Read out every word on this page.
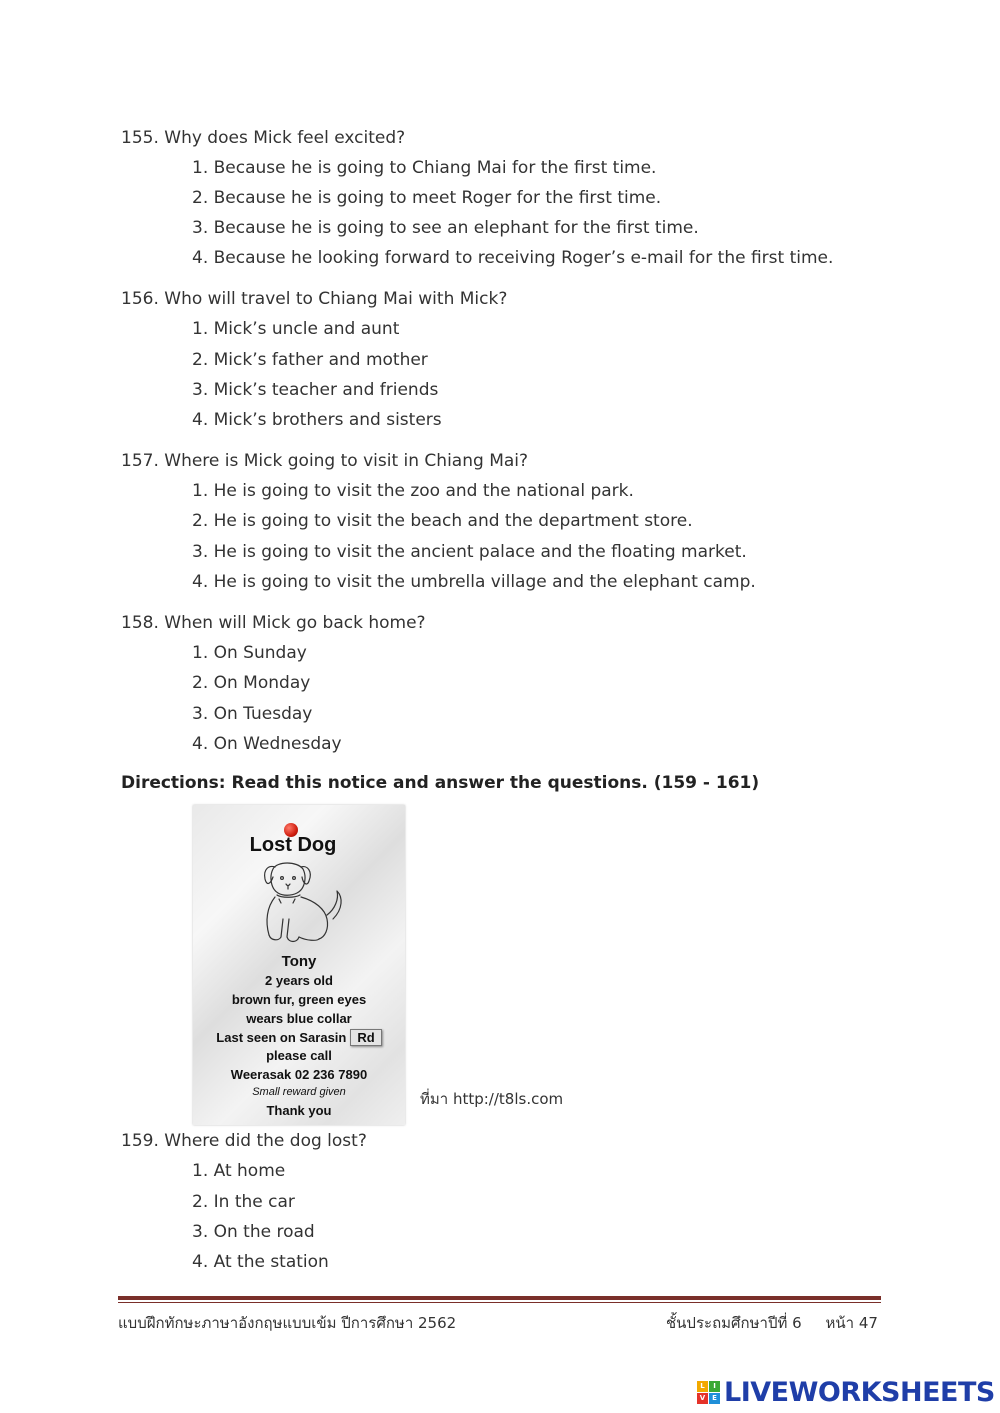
155. Why does Mick feel excited?
1. Because he is going to Chiang Mai for the first time.
2. Because he is going to meet Roger for the first time.
3. Because he is going to see an elephant for the first time.
4. Because he looking forward to receiving Roger’s e-mail for the first time.
156. Who will travel to Chiang Mai with Mick?
1. Mick’s uncle and aunt
2. Mick’s father and mother
3. Mick’s teacher and friends
4. Mick’s brothers and sisters
157. Where is Mick going to visit in Chiang Mai?
1. He is going to visit the zoo and the national park.
2. He is going to visit the beach and the department store.
3. He is going to visit the ancient palace and the floating market.
4. He is going to visit the umbrella village and the elephant camp.
158. When will Mick go back home?
1. On Sunday
2. On Monday
3. On Tuesday
4. On Wednesday
Directions: Read this notice and answer the questions. (159 - 161)
Lost Dog
Tony
2 years old
brown fur, green eyes
wears blue collar
Last seen on Sarasin Rd
please call
Weerasak 02 236 7890
Small reward given
Thank you
ที่มา http://t8ls.com
159. Where did the dog lost?
1. At home
2. In the car
3. On the road
4. At the station
แบบฝึกทักษะภาษาอังกฤษแบบเข้ม ปีการศึกษา 2562	ชั้นประถมศึกษาปีที่ 6     หน้า 47
L	I
V E LIVEWORKSHEETS
